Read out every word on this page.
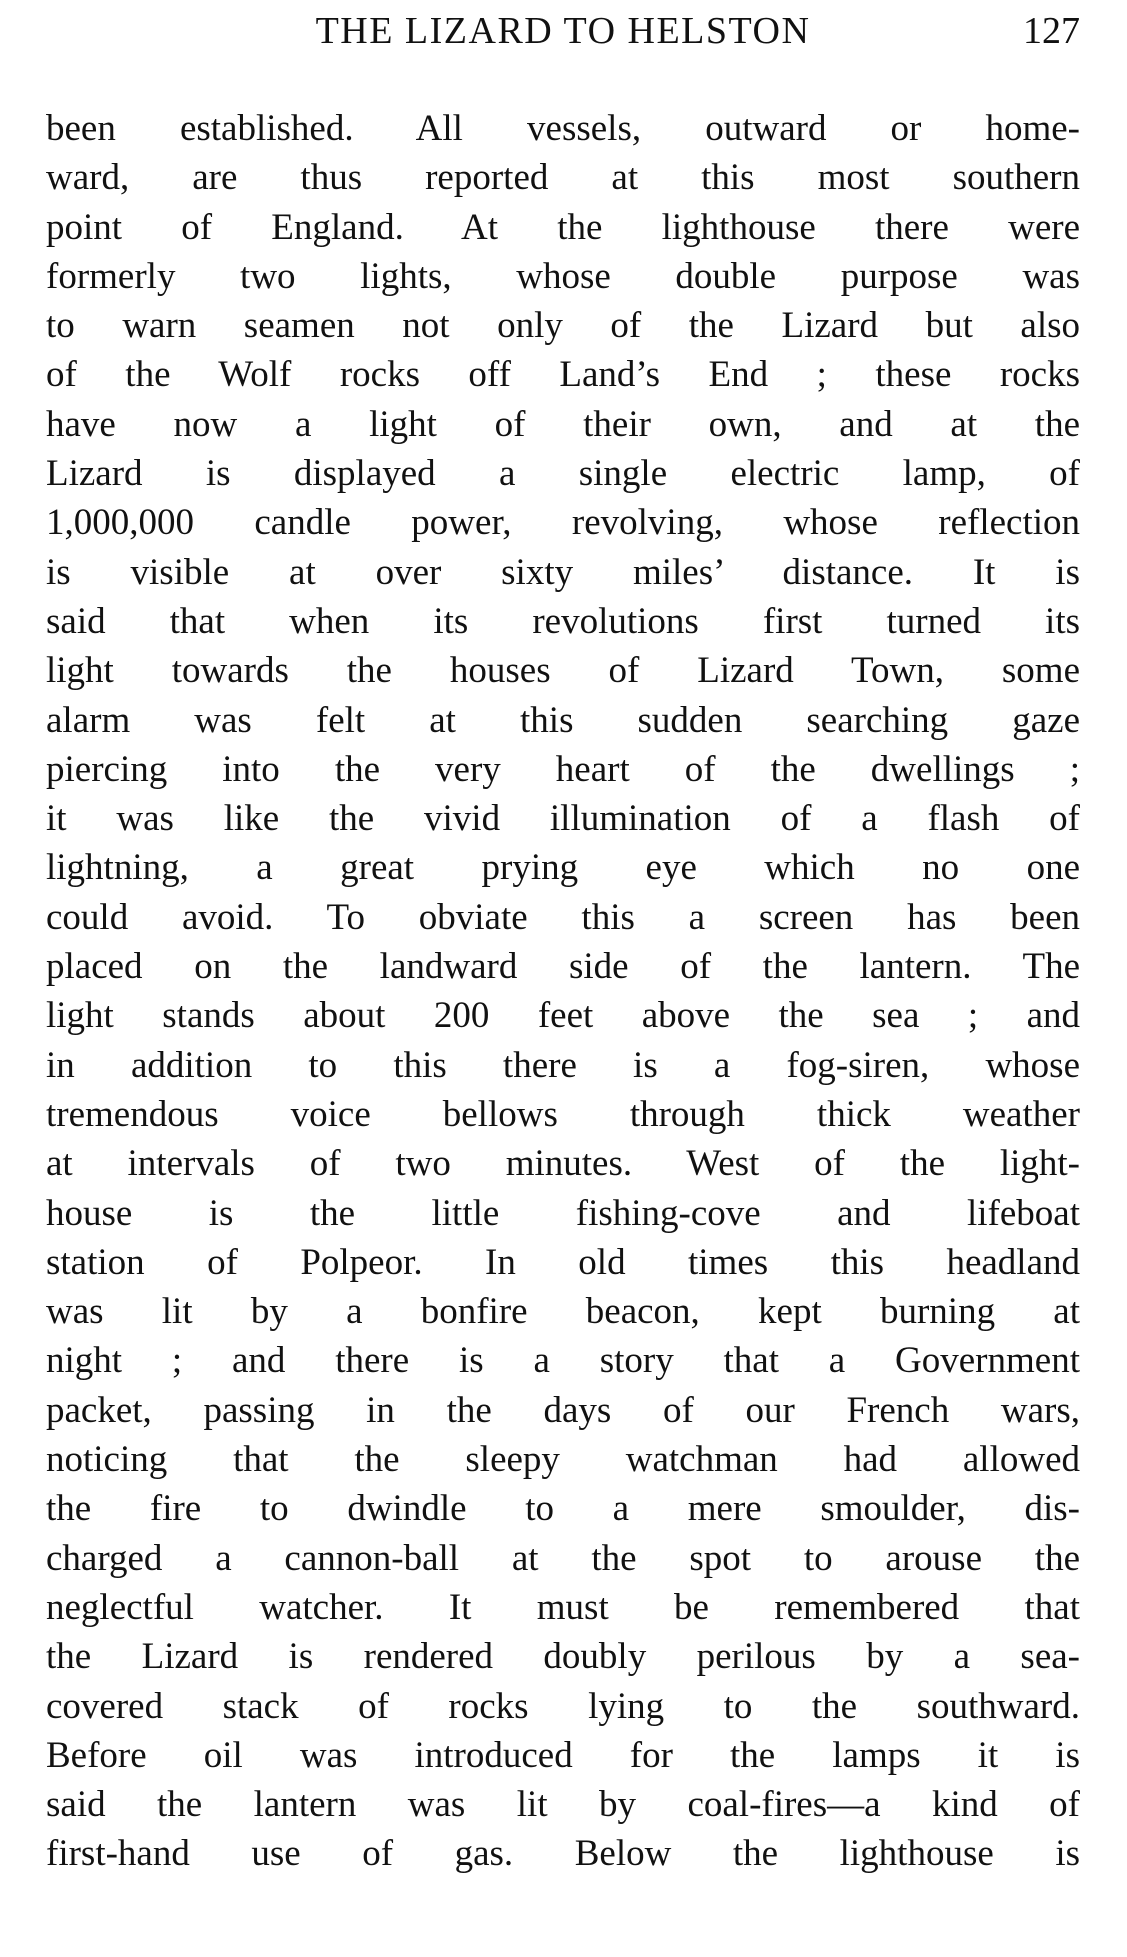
THE LIZARD TO HELSTON	127
been established. All vessels, outward or home-
ward, are thus reported at this most southern
point of England. At the lighthouse there were
formerly two lights, whose double purpose was
to warn seamen not only of the Lizard but also
of the Wolf rocks off Land’s End ; these rocks
have now a light of their own, and at the
Lizard is displayed a single electric lamp, of
1,000,000 candle power, revolving, whose reflection
is visible at over sixty miles’ distance. It is
said that when its revolutions first turned its
light towards the houses of Lizard Town, some
alarm was felt at this sudden searching gaze
piercing into the very heart of the dwellings ;
it was like the vivid illumination of a flash of
lightning, a great prying eye which no one
could avoid. To obviate this a screen has been
placed on the landward side of the lantern. The
light stands about 200 feet above the sea ; and
in addition to this there is a fog-siren, whose
tremendous voice bellows through thick weather
at intervals of two minutes. West of the light-
house is the little fishing-cove and lifeboat
station of Polpeor. In old times this headland
was lit by a bonfire beacon, kept burning at
night ; and there is a story that a Government
packet, passing in the days of our French wars,
noticing that the sleepy watchman had allowed
the fire to dwindle to a mere smoulder, dis-
charged a cannon-ball at the spot to arouse the
neglectful watcher. It must be remembered that
the Lizard is rendered doubly perilous by a sea-
covered stack of rocks lying to the southward.
Before oil was introduced for the lamps it is
said the lantern was lit by coal-fires—a kind of
first-hand use of gas. Below the lighthouse is
